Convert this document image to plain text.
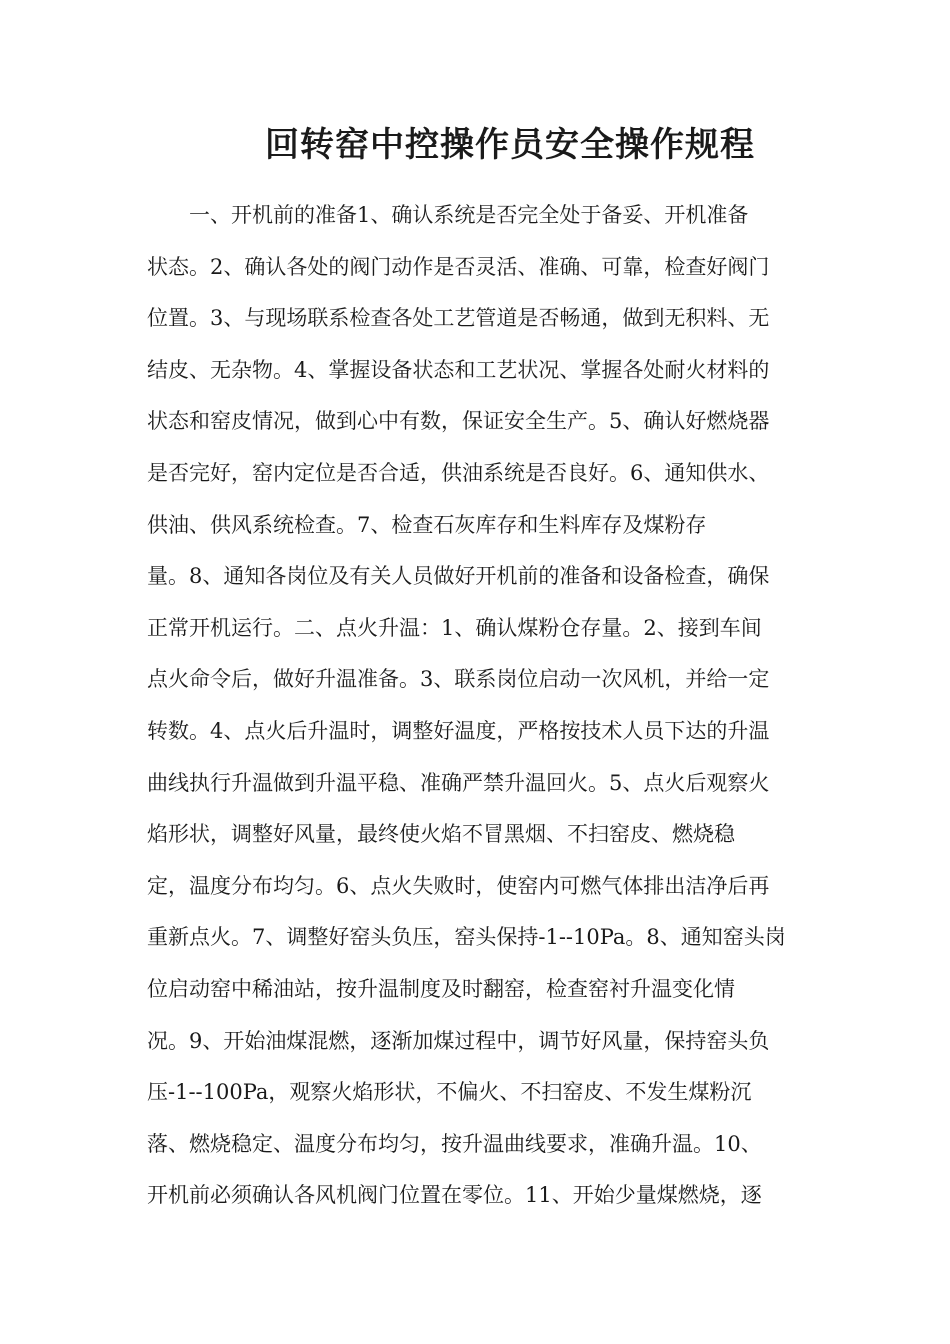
回转窑中控操作员安全操作规程
一、开机前的准备1、确认系统是否完全处于备妥、开机准备
状态。2、确认各处的阀门动作是否灵活、准确、可靠，检查好阀门
位置。3、与现场联系检查各处工艺管道是否畅通，做到无积料、无
结皮、无杂物。4、掌握设备状态和工艺状况、掌握各处耐火材料的
状态和窑皮情况，做到心中有数，保证安全生产。5、确认好燃烧器
是否完好，窑内定位是否合适，供油系统是否良好。6、通知供水、
供油、供风系统检查。7、检查石灰库存和生料库存及煤粉存
量。8、通知各岗位及有关人员做好开机前的准备和设备检查，确保
正常开机运行。二、点火升温：1、确认煤粉仓存量。2、接到车间
点火命令后，做好升温准备。3、联系岗位启动一次风机，并给一定
转数。4、点火后升温时，调整好温度，严格按技术人员下达的升温
曲线执行升温做到升温平稳、准确严禁升温回火。5、点火后观察火
焰形状，调整好风量，最终使火焰不冒黑烟、不扫窑皮、燃烧稳
定，温度分布均匀。6、点火失败时，使窑内可燃气体排出洁净后再
重新点火。7、调整好窑头负压，窑头保持-1--10Pa。8、通知窑头岗
位启动窑中稀油站，按升温制度及时翻窑，检查窑衬升温变化情
况。9、开始油煤混燃，逐渐加煤过程中，调节好风量，保持窑头负
压-1--100Pa，观察火焰形状，不偏火、不扫窑皮、不发生煤粉沉
落、燃烧稳定、温度分布均匀，按升温曲线要求，准确升温。10、
开机前必须确认各风机阀门位置在零位。11、开始少量煤燃烧，逐
